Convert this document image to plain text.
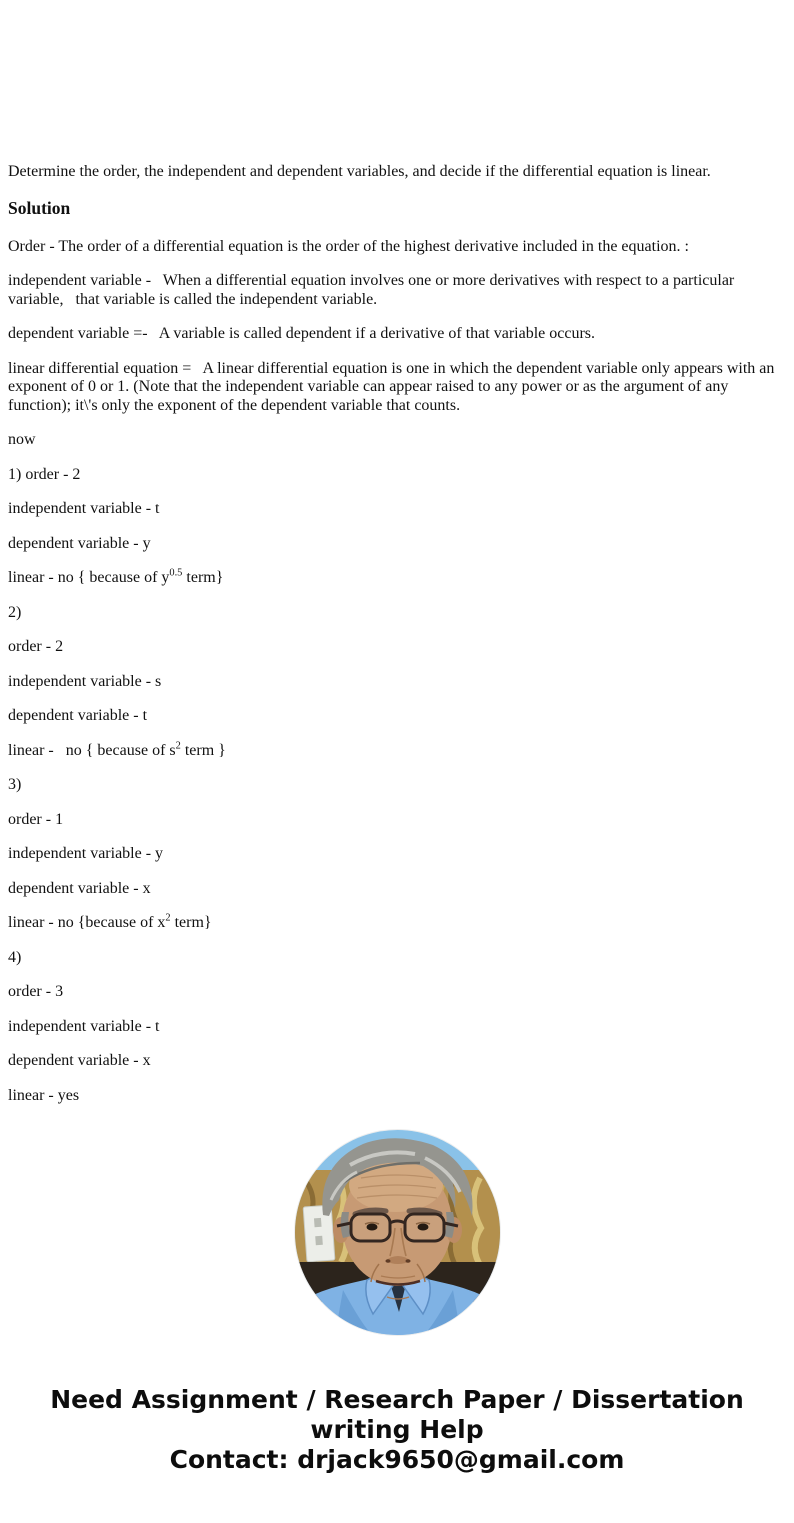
Determine the order, the independent and dependent variables, and decide if the differential equation is linear.

Solution

Order - The order of a differential equation is the order of the highest derivative included in the equation. :

independent variable -   When a differential equation involves one or more derivatives with respect to a particular variable,   that variable is called the independent variable.

dependent variable =-   A variable is called dependent if a derivative of that variable occurs.

linear differential equation =   A linear differential equation is one in which the dependent variable only appears with an exponent of 0 or 1. (Note that the independent variable can appear raised to any power or as the argument of any function); it\'s only the exponent of the dependent variable that counts.

now

1) order - 2

independent variable - t

dependent variable - y

linear - no { because of $y^{0.5}$ term}

2)

order - 2

independent variable - s

dependent variable - t

linear -   no { because of $s^2$ term }

3)

order - 1

independent variable - y

dependent variable - x

linear - no {because of $x^2$ term}

4)

order - 3

independent variable - t

dependent variable - x

linear - yes

Need Assignment / Research Paper / Dissertation
writing Help
Contact: drjack9650@gmail.com
